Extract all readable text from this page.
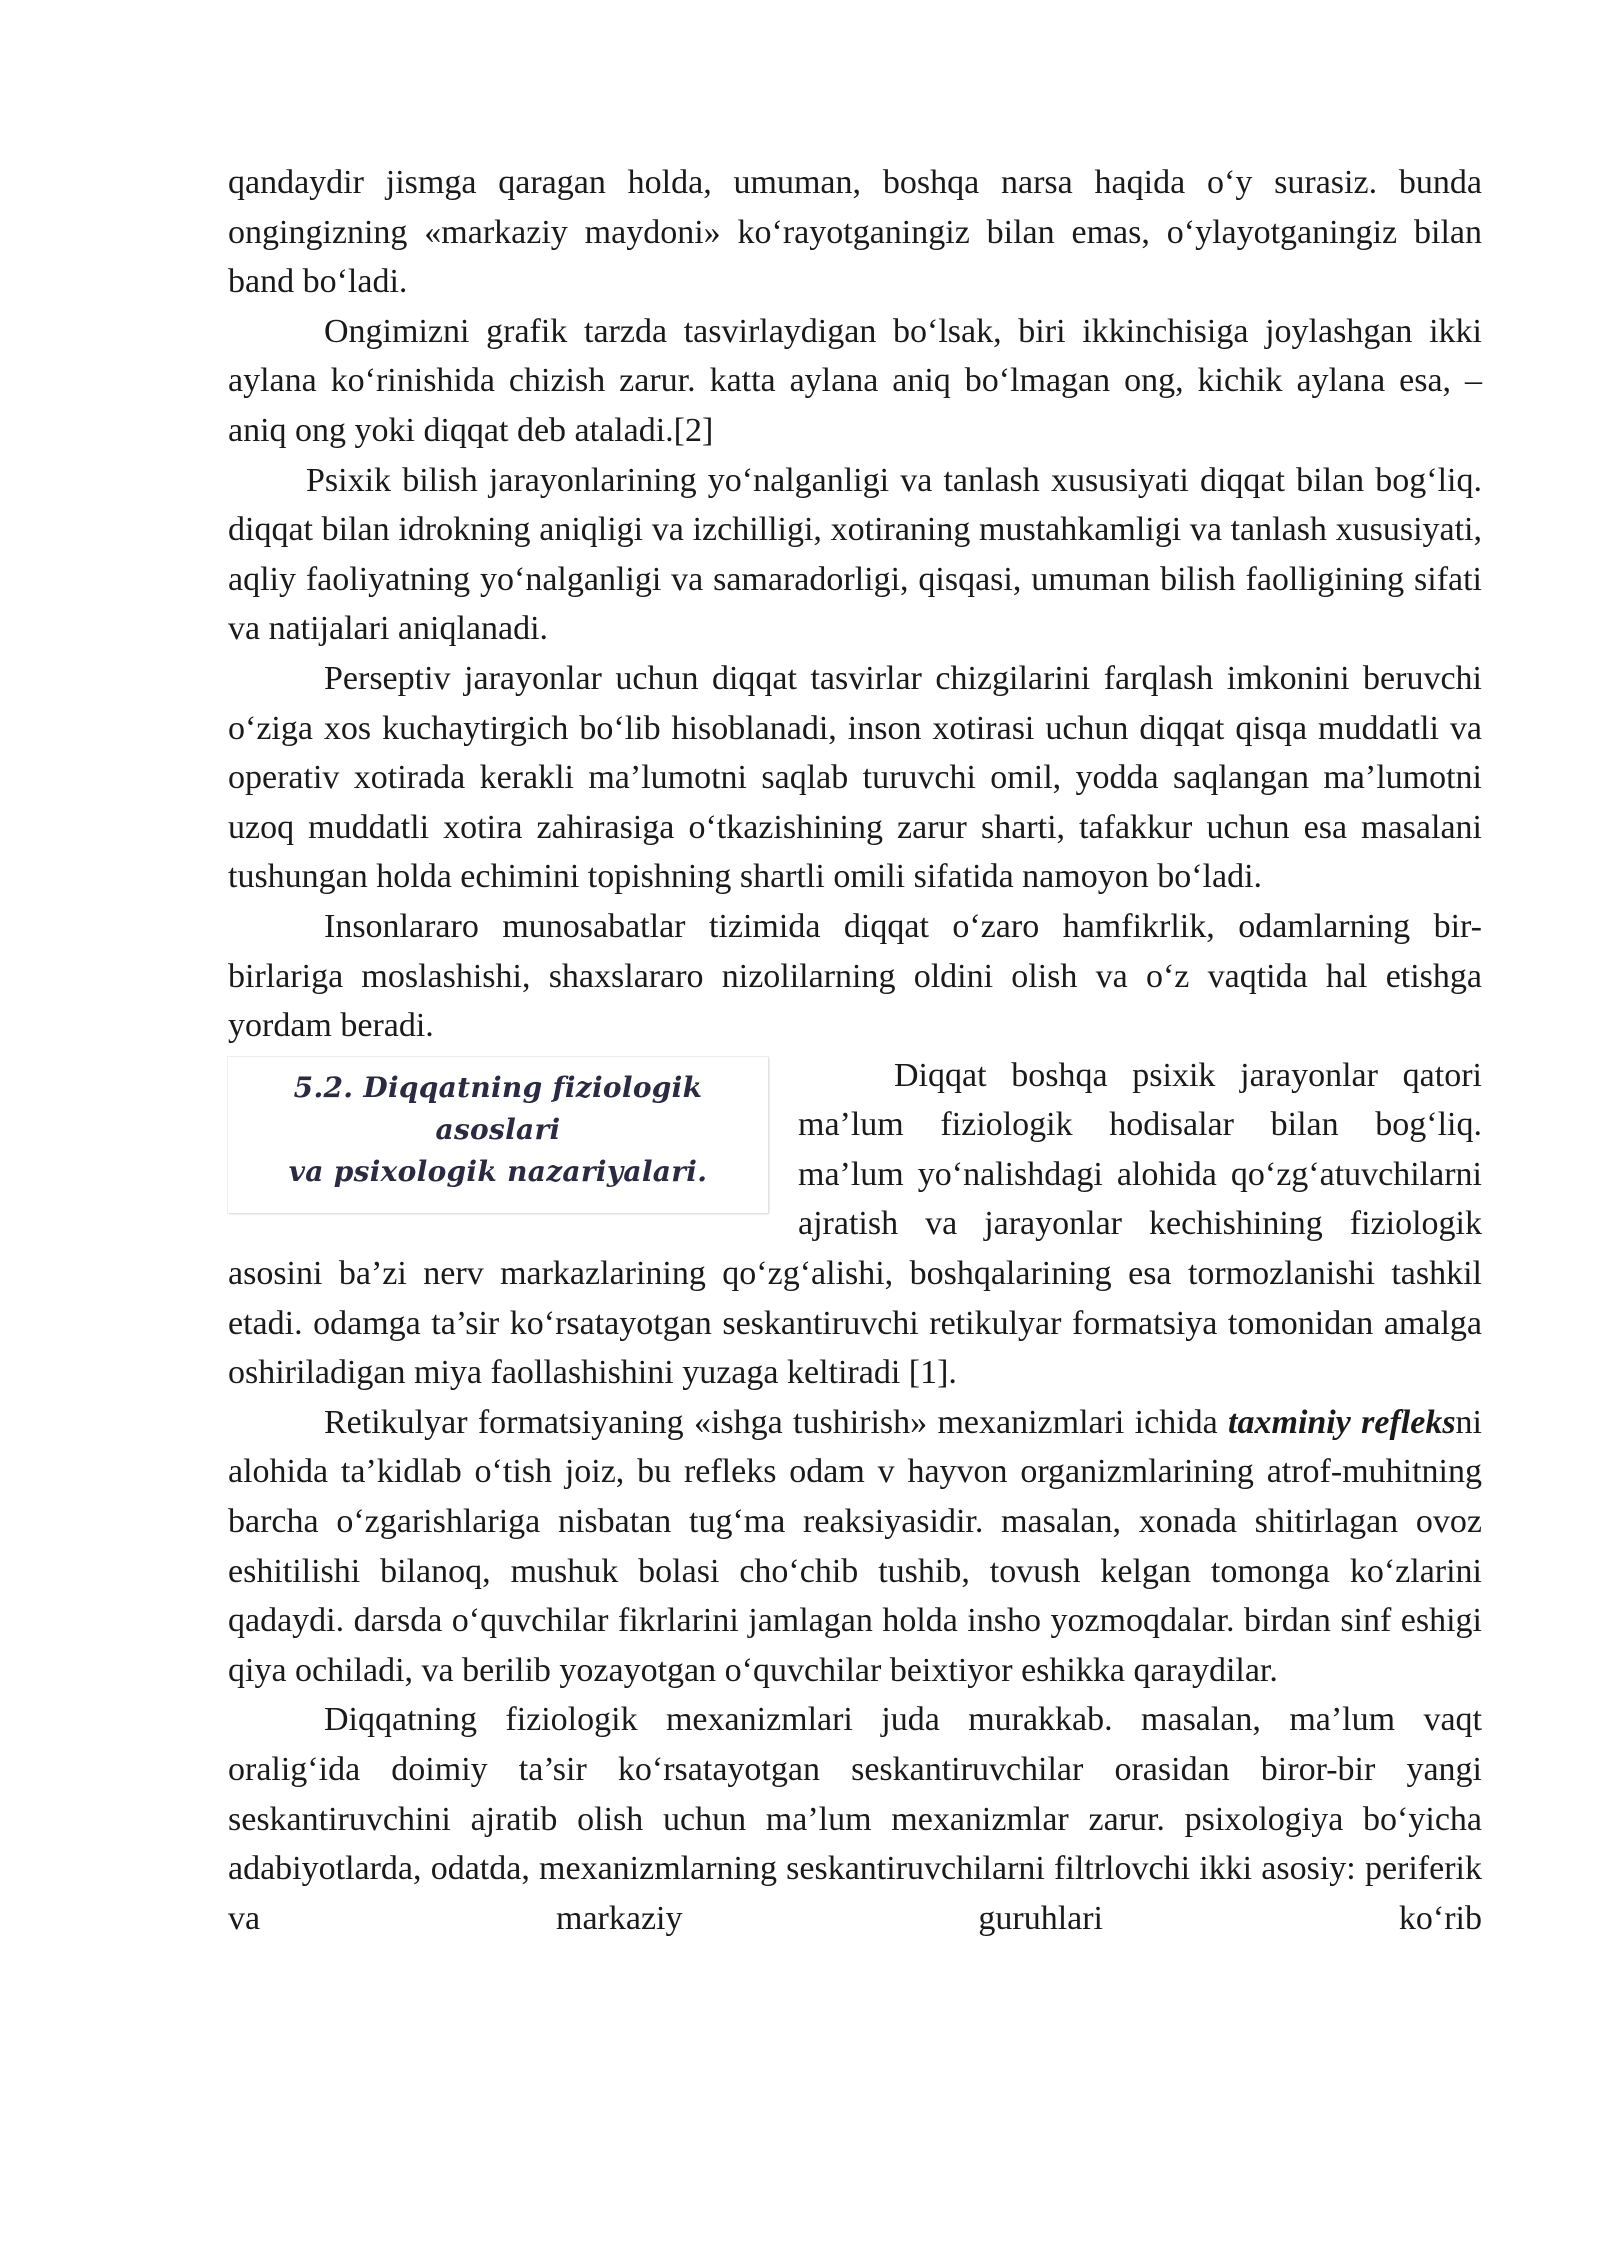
qandaydir jismga qaragan holda, umuman, boshqa narsa haqida o‘y surasiz. bunda ongingizning «markaziy maydoni» ko‘rayotganingiz bilan emas, o‘ylayotganingiz bilan band bo‘ladi.

Ongimizni grafik tarzda tasvirlaydigan bo‘lsak, biri ikkinchisiga joylashgan ikki aylana ko‘rinishida chizish zarur. katta aylana aniq bo‘lmagan ong, kichik aylana esa, – aniq ong yoki diqqat deb ataladi.[2]

Psixik bilish jarayonlarining yo‘nalganligi va tanlash xususiyati diqqat bilan bog‘liq. diqqat bilan idrokning aniqligi va izchilligi, xotiraning mustahkamligi va tanlash xususiyati, aqliy faoliyatning yo‘nalganligi va samaradorligi, qisqasi, umuman bilish faolligining sifati va natijalari aniqlanadi.

Perseptiv jarayonlar uchun diqqat tasvirlar chizgilarini farqlash imkonini beruvchi o‘ziga xos kuchaytirgich bo‘lib hisoblanadi, inson xotirasi uchun diqqat qisqa muddatli va operativ xotirada kerakli ma’lumotni saqlab turuvchi omil, yodda saqlangan ma’lumotni uzoq muddatli xotira zahirasiga o‘tkazishining zarur sharti, tafakkur uchun esa masalani tushungan holda echimini topishning shartli omili sifatida namoyon bo‘ladi.

Insonlararo munosabatlar tizimida diqqat o‘zaro hamfikrlik, odamlarning bir-birlariga moslashishi, shaxslararo nizolilarning oldini olish va o‘z vaqtida hal etishga yordam beradi.

5.2. Diqqatning fiziologik asoslari
va psixologik nazariyalari.

Diqqat boshqa psixik jarayonlar qatori ma’lum fiziologik hodisalar bilan bog‘liq. ma’lum yo‘nalishdagi alohida qo‘zg‘atuvchilarni ajratish va jarayonlar kechishining fiziologik asosini ba’zi nerv markazlarining qo‘zg‘alishi, boshqalarining esa tormozlanishi tashkil etadi. odamga ta’sir ko‘rsatayotgan seskantiruvchi retikulyar formatsiya tomonidan amalga oshiriladigan miya faollashishini yuzaga keltiradi [1].

Retikulyar formatsiyaning «ishga tushirish» mexanizmlari ichida taxminiy refleksni alohida ta’kidlab o‘tish joiz, bu refleks odam v hayvon organizmlarining atrof-muhitning barcha o‘zgarishlariga nisbatan tug‘ma reaksiyasidir. masalan, xonada shitirlagan ovoz eshitilishi bilanoq, mushuk bolasi cho‘chib tushib, tovush kelgan tomonga ko‘zlarini qadaydi. darsda o‘quvchilar fikrlarini jamlagan holda insho yozmoqdalar. birdan sinf eshigi qiya ochiladi, va berilib yozayotgan o‘quvchilar beixtiyor eshikka qaraydilar.

Diqqatning fiziologik mexanizmlari juda murakkab. masalan, ma’lum vaqt oralig‘ida doimiy ta’sir ko‘rsatayotgan seskantiruvchilar orasidan biror-bir yangi seskantiruvchini ajratib olish uchun ma’lum mexanizmlar zarur. psixologiya bo‘yicha adabiyotlarda, odatda, mexanizmlarning seskantiruvchilarni filtrlovchi ikki asosiy: periferik va markaziy guruhlari ko‘rib
